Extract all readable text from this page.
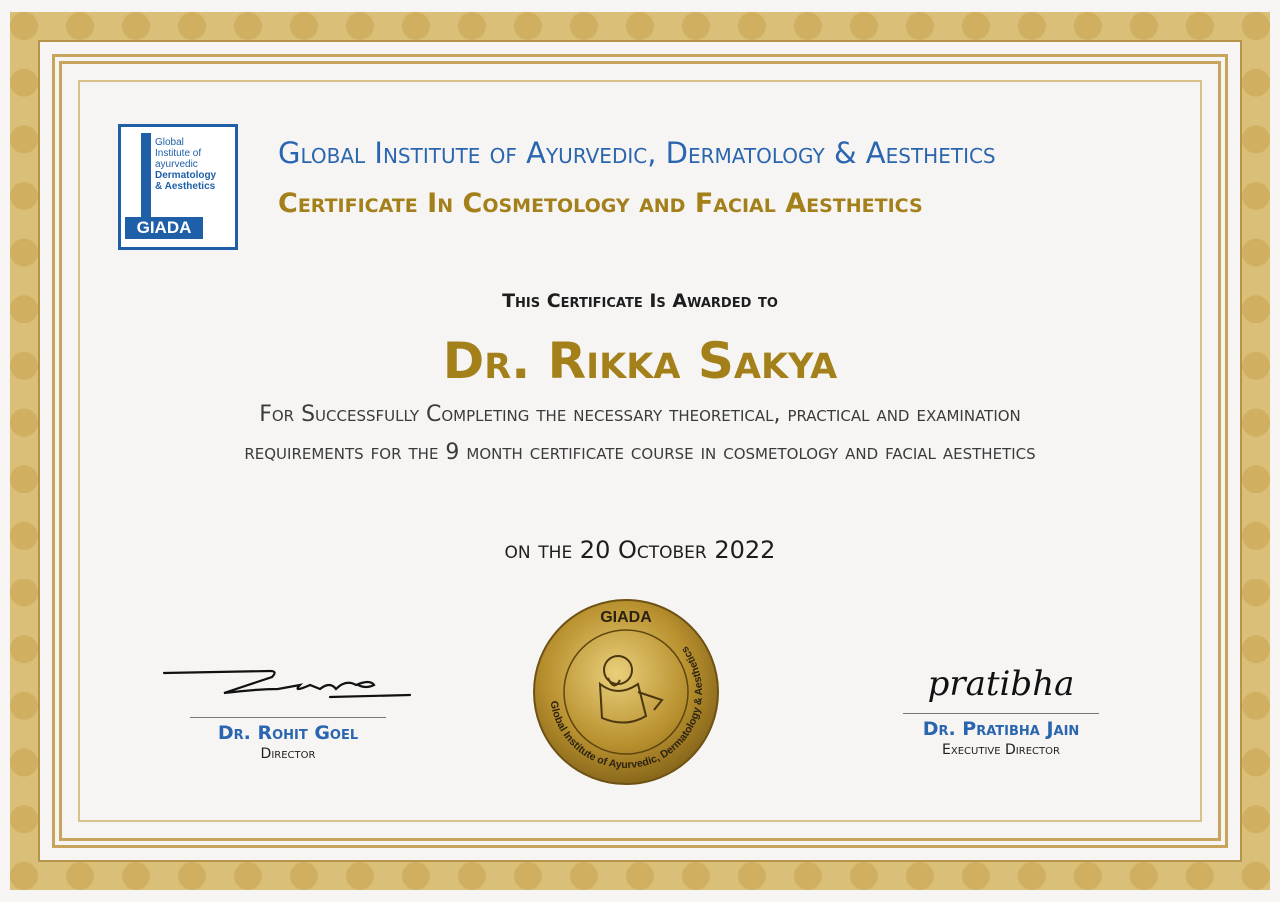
Global
Institute of
ayurvedic
Dermatology
& Aesthetics
GIADA
Global Institute of Ayurvedic, Dermatology & Aesthetics
Certificate In Cosmetology and Facial Aesthetics
This Certificate Is Awarded to
Dr. Rikka Sakya
For Successfully Completing the necessary theoretical, practical and examination
requirements for the 9 month certificate course in cosmetology and facial aesthetics
on the 20 October 2022
GIADA
Global Institute of Ayurvedic, Dermatology & Aesthetics
Dr. Rohit Goel
Director
pratibha
Dr. Pratibha Jain
Executive Director
